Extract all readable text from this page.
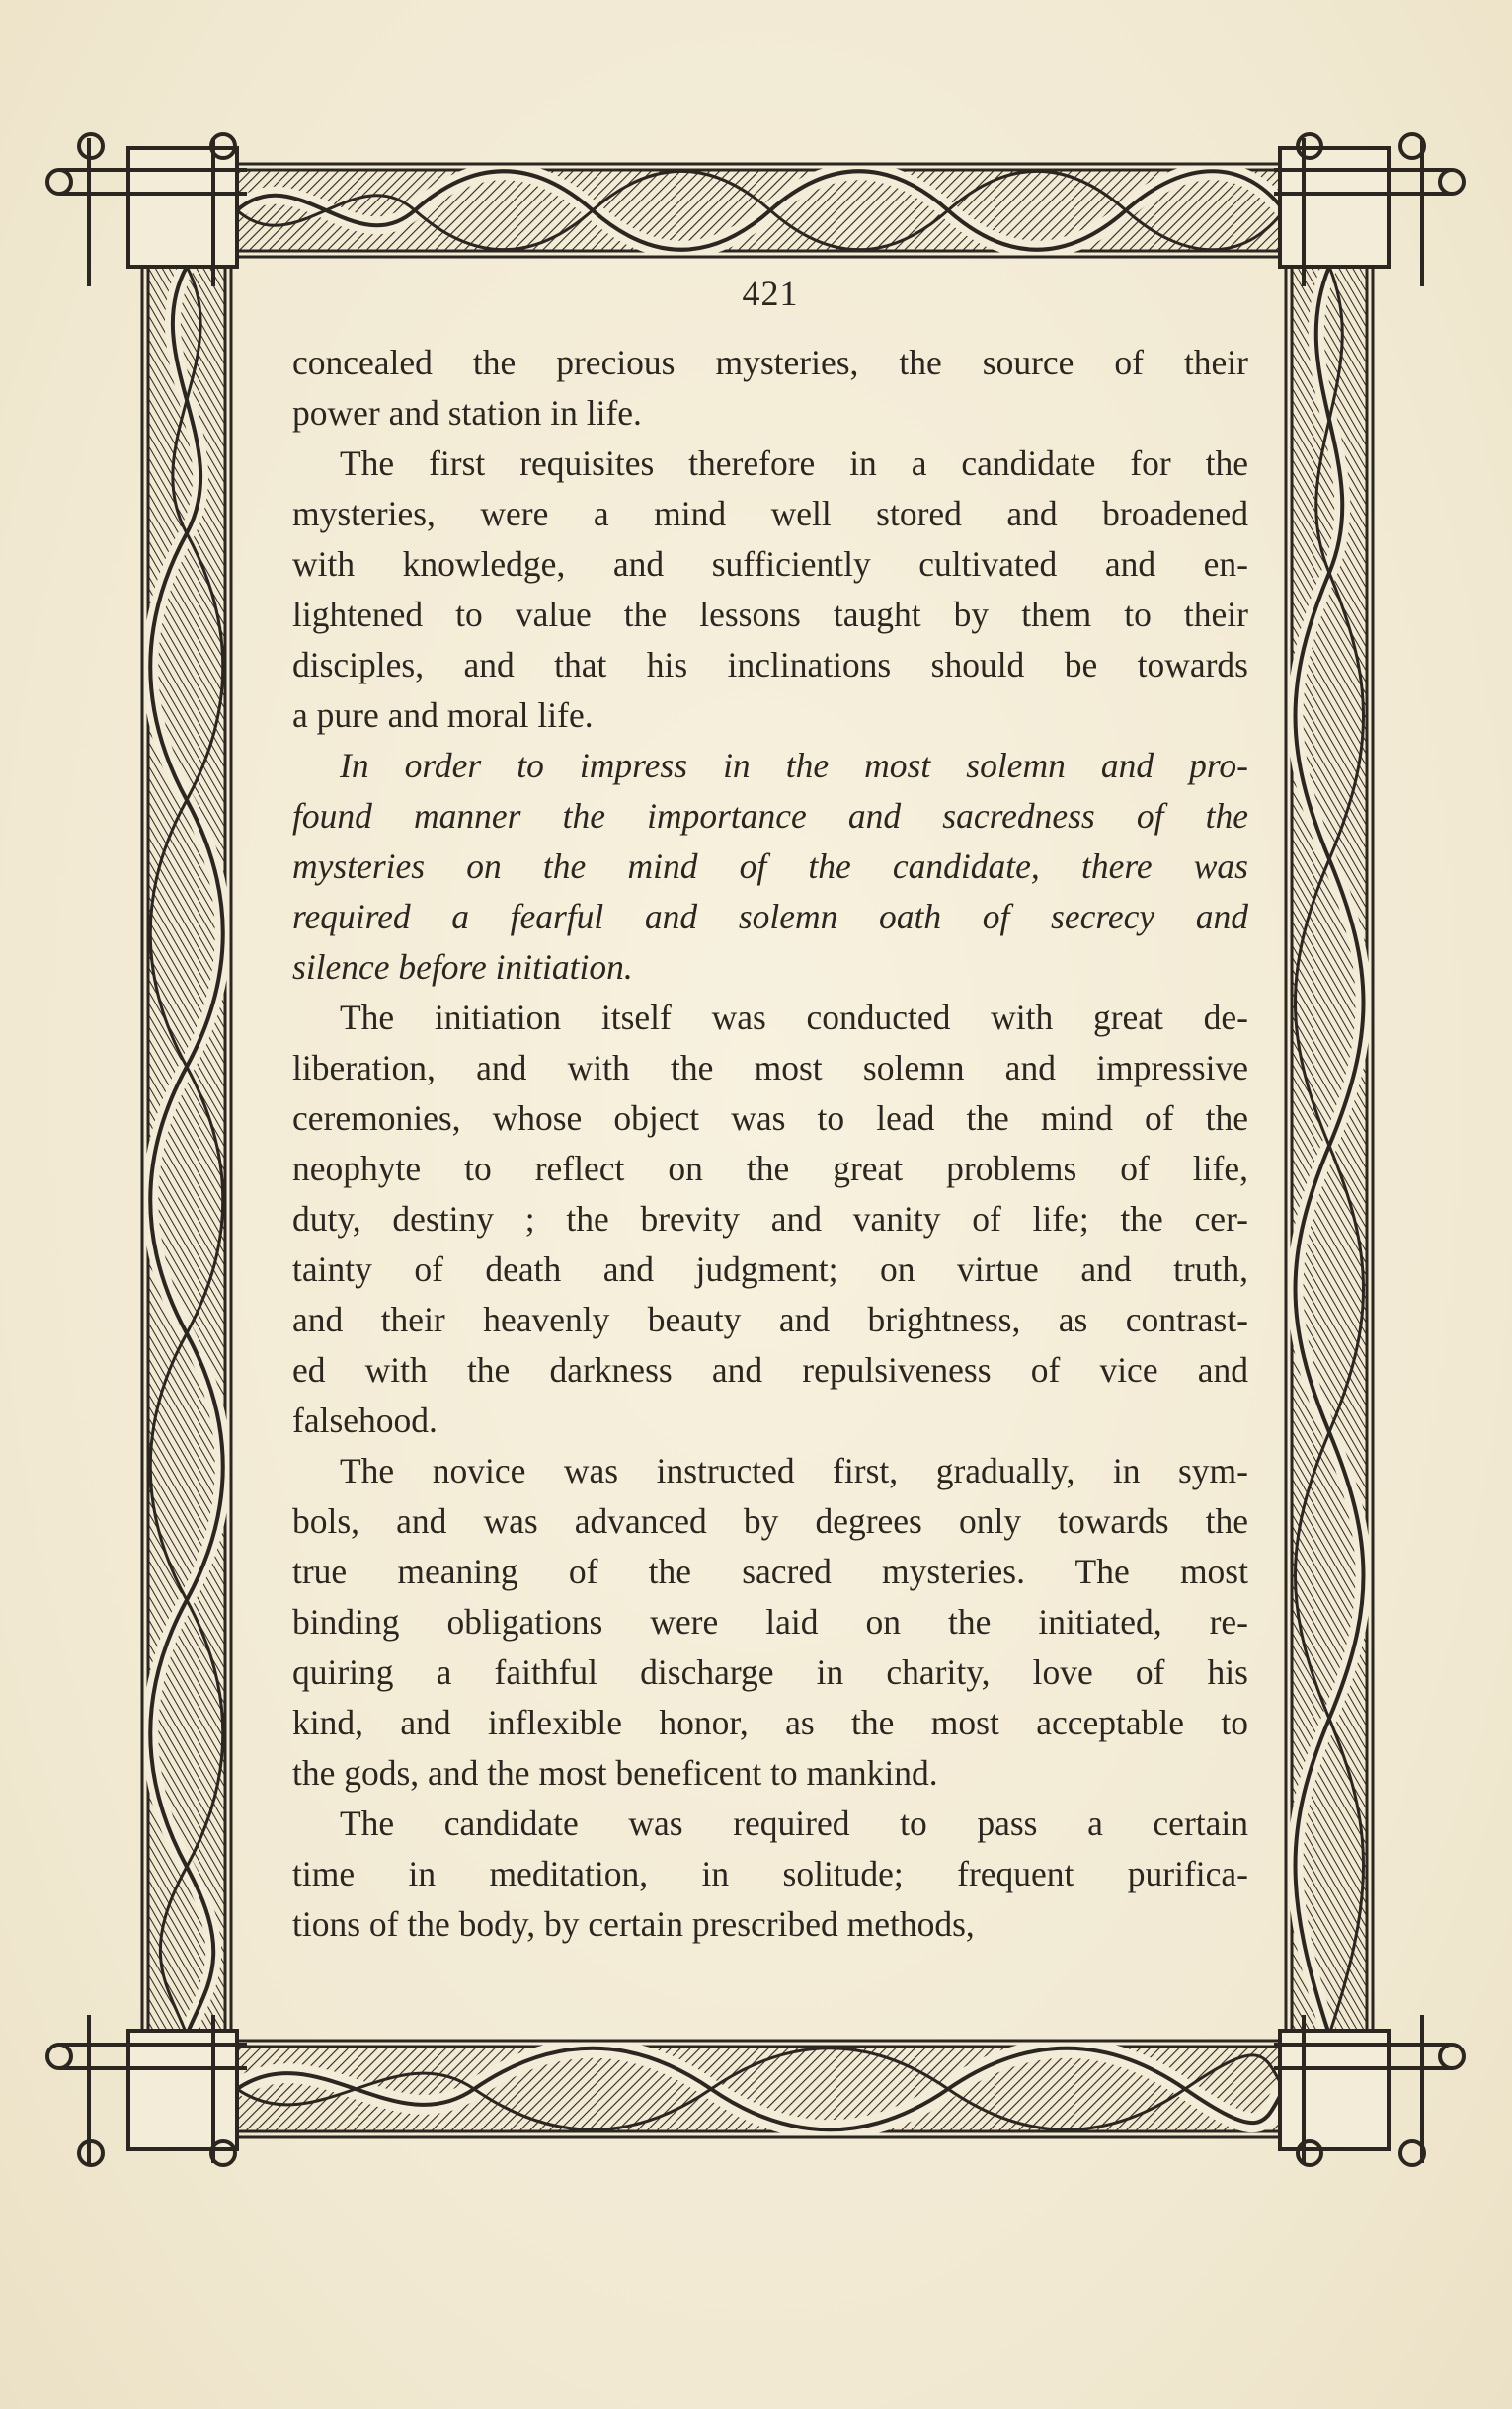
421

concealed the precious mysteries, the source of their
power and station in life.

The first requisites therefore in a candidate for the
mysteries, were a mind well stored and broadened
with knowledge, and sufficiently cultivated and en-
lightened to value the lessons taught by them to their
disciples, and that his inclinations should be towards
a pure and moral life.

In order to impress in the most solemn and pro-
found manner the importance and sacredness of the
mysteries on the mind of the candidate, there was
required a fearful and solemn oath of secrecy and
silence before initiation.

The initiation itself was conducted with great de-
liberation, and with the most solemn and impressive
ceremonies, whose object was to lead the mind of the
neophyte to reflect on the great problems of life,
duty, destiny ; the brevity and vanity of life; the cer-
tainty of death and judgment; on virtue and truth,
and their heavenly beauty and brightness, as contrast-
ed with the darkness and repulsiveness of vice and
falsehood.

The novice was instructed first, gradually, in sym-
bols, and was advanced by degrees only towards the
true meaning of the sacred mysteries. The most
binding obligations were laid on the initiated, re-
quiring a faithful discharge in charity, love of his
kind, and inflexible honor, as the most acceptable to
the gods, and the most beneficent to mankind.

The candidate was required to pass a certain
time in meditation, in solitude; frequent purifica-
tions of the body, by certain prescribed methods,
